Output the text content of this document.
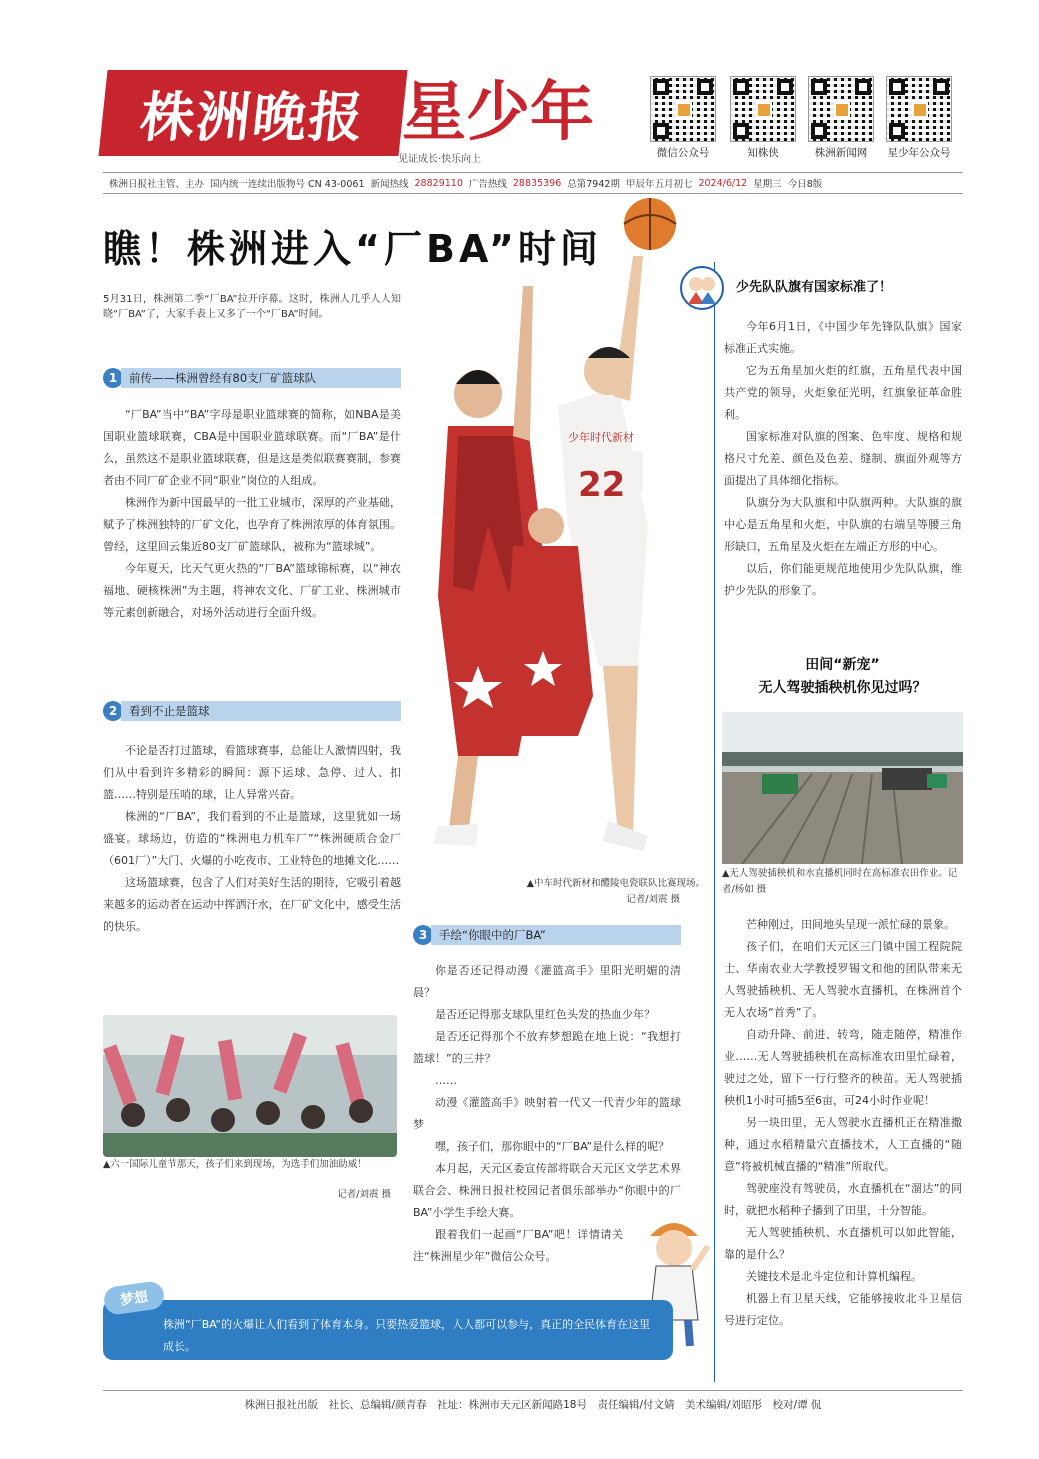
株洲晚报 星少年
见证成长·快乐向上
微信公众号	知株侠	株洲新闻网	星少年公众号
株洲日报社主管、主办 国内统一连续出版物号 CN 43-0061 新闻热线 28829110 广告热线 28835396 总第7942期 甲辰年五月初七 2024/6/12 星期三 今日8版
瞧！株洲进入“厂BA”时间
5月31日，株洲第二季“厂BA”拉开序幕。这时，株洲人几乎人人知晓“厂BA”了，大家手表上又多了一个“厂BA”时间。
1	前传——株洲曾经有80支厂矿篮球队

“厂BA”当中“BA”字母是职业篮球赛的简称，如NBA是美国职业篮球联赛，CBA是中国职业篮球联赛。而“厂BA”是什么，虽然这不是职业篮球联赛，但是这是类似联赛赛制，参赛者由不同厂矿企业不同“职业”岗位的人组成。

株洲作为新中国最早的一批工业城市，深厚的产业基础，赋予了株洲独特的厂矿文化，也孕育了株洲浓厚的体育氛围。曾经，这里回云集近80支厂矿篮球队，被称为“篮球城”。

今年夏天，比天气更火热的“厂BA”篮球锦标赛，以“神农福地、硬核株洲”为主题，将神农文化、厂矿工业、株洲城市等元素创新融合，对场外活动进行全面升级。

2	看到不止是篮球

不论是否打过篮球，看篮球赛事，总能让人激情四射，我们从中看到许多精彩的瞬间：源下运球、急停、过人、扣篮……特别是压哨的球，让人异常兴奋。

株洲的“厂BA”，我们看到的不止是篮球，这里犹如一场盛宴。球场边，仿造的“株洲电力机车厂”“株洲硬质合金厂（601厂）”大门、火爆的小吃夜市、工业特色的地摊文化……

这场篮球赛，包含了人们对美好生活的期待，它吸引着越来越多的运动者在运动中挥洒汗水，在厂矿文化中，感受生活的快乐。

22
少年时代新材
▲中车时代新材和醴陵电瓷联队比赛现场。
记者/刘震 摄
3	手绘“你眼中的厂BA”

你是否还记得动漫《灌篮高手》里阳光明媚的清晨？

是否还记得那支球队里红色头发的热血少年？

是否还记得那个不放弃梦想跪在地上说：“我想打篮球！”的三井？

……

动漫《灌篮高手》映射着一代又一代青少年的篮球梦

嘿，孩子们，那你眼中的“厂BA”是什么样的呢？

本月起，天元区委宣传部将联合天元区文学艺术界联合会、株洲日报社校园记者俱乐部举办“你眼中的厂BA”小学生手绘大赛。

跟着我们一起画“厂BA”吧！详情请关注“株洲星少年”微信公众号。

▲六一国际儿童节那天，孩子们来到现场，为选手们加油助威！
记者/刘震 摄
株洲“厂BA”的火爆让人们看到了体育本身。只要热爱篮球，人人都可以参与，真正的全民体育在这里成长。
梦想
少先队队旗有国家标准了！

今年6月1日，《中国少年先锋队队旗》国家标准正式实施。

它为五角星加火炬的红旗，五角星代表中国共产党的领导，火炬象征光明，红旗象征革命胜利。

国家标准对队旗的图案、色牢度、规格和规格尺寸允差、颜色及色差、缝制、旗面外观等方面提出了具体细化指标。

队旗分为大队旗和中队旗两种。大队旗的旗中心是五角星和火炬，中队旗的右端呈等腰三角形缺口，五角星及火炬在左端正方形的中心。

以后，你们能更规范地使用少先队队旗，维护少先队的形象了。

田间“新宠”
无人驾驶插秧机你见过吗？
▲无人驾驶插秧机和水直播机同时在高标准农田作业。记者/杨如 摄

芒种刚过，田间地头呈现一派忙碌的景象。

孩子们，在咱们天元区三门镇中国工程院院士、华南农业大学教授罗锡文和他的团队带来无人驾驶插秧机、无人驾驶水直播机，在株洲首个无人农场“首秀”了。

自动升降、前进、转弯，随走随停，精准作业……无人驾驶插秧机在高标准农田里忙碌着，驶过之处，留下一行行整齐的秧苗。无人驾驶插秧机1小时可插5至6亩，可24小时作业呢！

另一块田里，无人驾驶水直播机正在精准撒种，通过水稻精量穴直播技术，人工直播的“随意”将被机械直播的“精准”所取代。

驾驶座没有驾驶员，水直播机在“溜达”的同时，就把水稻种子播到了田里，十分智能。

无人驾驶插秧机、水直播机可以如此智能，靠的是什么？

关键技术是北斗定位和计算机编程。

机器上有卫星天线，它能够接收北斗卫星信号进行定位。

株洲日报社出版　社长、总编辑/颜青春　社址：株洲市天元区新闻路18号　责任编辑/付文婧　美术编辑/刘昭彤　校对/谭 侃
